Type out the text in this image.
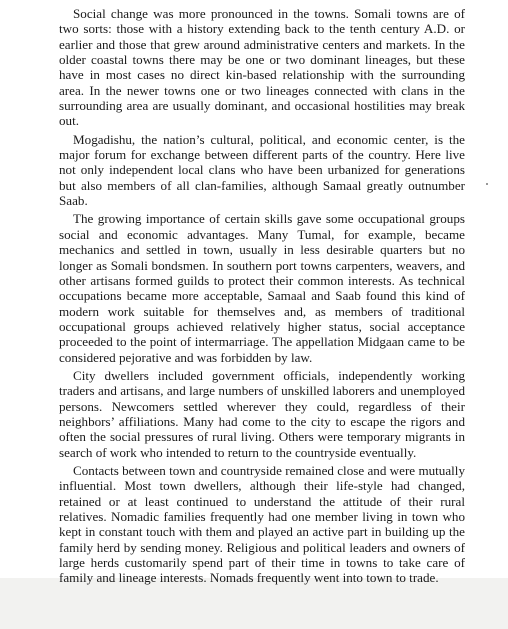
Social change was more pronounced in the towns. Somali towns are of two sorts: those with a history extending back to the tenth century A.D. or earlier and those that grew around administrative centers and markets. In the older coastal towns there may be one or two dominant lineages, but these have in most cases no direct kin-based relationship with the surrounding area. In the newer towns one or two lineages connected with clans in the surrounding area are usually dominant, and occasional hostilities may break out.

Mogadishu, the nation’s cultural, political, and economic center, is the major forum for exchange between different parts of the country. Here live not only independent local clans who have been urbanized for generations but also members of all clan-families, although Samaal greatly outnumber Saab.

The growing importance of certain skills gave some occupational groups social and economic advantages. Many Tumal, for example, became mechanics and settled in town, usually in less desirable quarters but no longer as Somali bondsmen. In southern port towns carpenters, weavers, and other artisans formed guilds to protect their common interests. As technical occupations became more acceptable, Samaal and Saab found this kind of modern work suitable for themselves and, as members of traditional occupational groups achieved relatively higher status, social acceptance proceeded to the point of intermarriage. The appellation Midgaan came to be considered pejorative and was forbidden by law.

City dwellers included government officials, independently working traders and artisans, and large numbers of unskilled laborers and unemployed persons. Newcomers settled wherever they could, regardless of their neighbors’ affiliations. Many had come to the city to escape the rigors and often the social pressures of rural living. Others were temporary migrants in search of work who intended to return to the countryside eventually.

Contacts between town and countryside remained close and were mutually influential. Most town dwellers, although their life-style had changed, retained or at least continued to understand the attitude of their rural relatives. Nomadic families frequently had one member living in town who kept in constant touch with them and played an active part in building up the family herd by sending money. Religious and political leaders and owners of large herds customarily spend part of their time in towns to take care of family and lineage interests. Nomads frequently went into town to trade.
